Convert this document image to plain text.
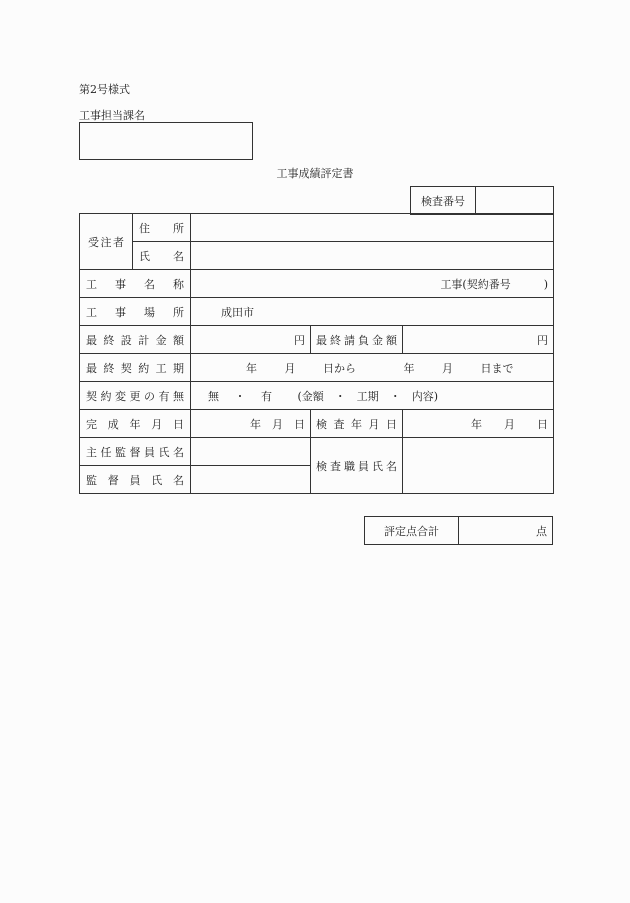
第2号様式
工事担当課名
工事成績評定書
検査番号	
受注者	住所			
	氏名			
工事名称		工事(契約番号　　　)		
工事場所		成田市		
最終設計金額		円	最終請負金額	円
最終契約工期		年 月 日から 年 月 日まで		
契約変更の有無		無 ・ 有 (金額　・　工期　・　内容)		
完成年月日		年　月　日	検査年月日	年　　月　　日
主任監督員氏名			検査職員氏名	
監督員氏名				
評定点合計	点
